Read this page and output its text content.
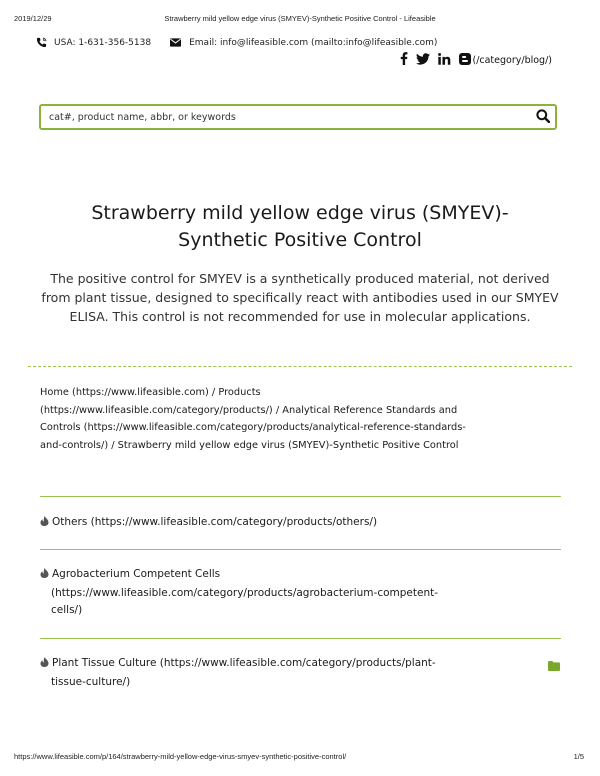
2019/12/29	Strawberry mild yellow edge virus (SMYEV)-Synthetic Positive Control - Lifeasible
USA: 1-631-356-5138	Email: info@lifeasible.com (mailto:info@lifeasible.com)
(/category/blog/)
cat#, product name, abbr, or keywords
Strawberry mild yellow edge virus (SMYEV)-
Synthetic Positive Control
The positive control for SMYEV is a synthetically produced material, not derived from plant tissue, designed to specifically react with antibodies used in our SMYEV ELISA. This control is not recommended for use in molecular applications.
Home (https://www.lifeasible.com) / Products
(https://www.lifeasible.com/category/products/) / Analytical Reference Standards and
Controls (https://www.lifeasible.com/category/products/analytical-reference-standards-
and-controls/) / Strawberry mild yellow edge virus (SMYEV)-Synthetic Positive Control
Others (https://www.lifeasible.com/category/products/others/)
Agrobacterium Competent Cells
(https://www.lifeasible.com/category/products/agrobacterium-competent-
cells/)
Plant Tissue Culture (https://www.lifeasible.com/category/products/plant-
tissue-culture/)
https://www.lifeasible.com/p/164/strawberry-mild-yellow-edge-virus-smyev-synthetic-positive-control/	1/5
